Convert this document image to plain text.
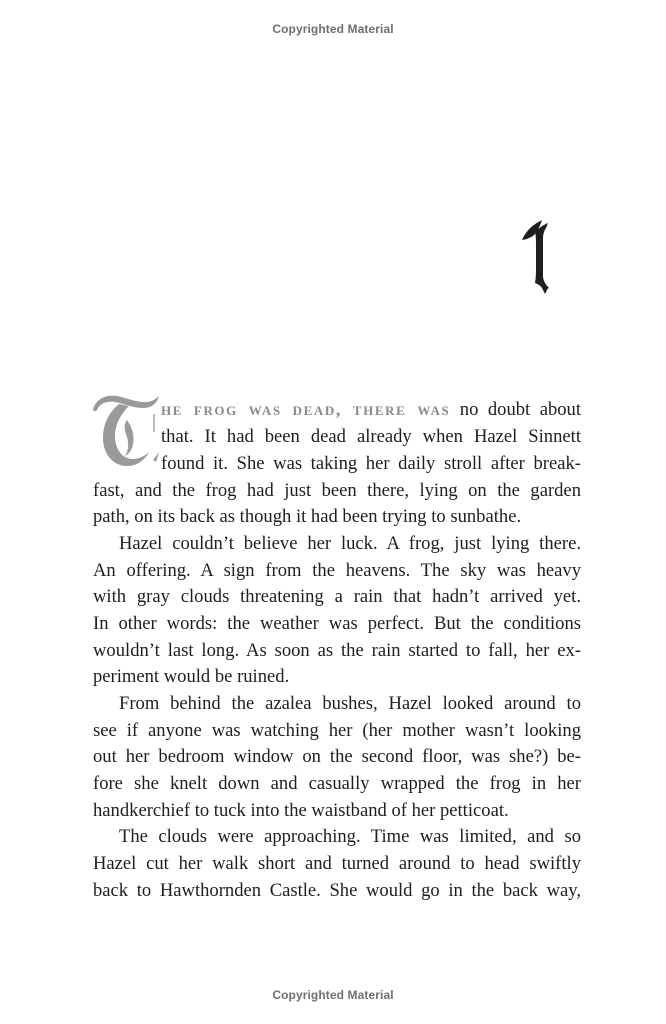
Copyrighted Material
he frog was dead, there was no doubt about
that. It had been dead already when Hazel Sinnett
found it. She was taking her daily stroll after break-
fast, and the frog had just been there, lying on the garden
path, on its back as though it had been trying to sunbathe.
Hazel couldn’t believe her luck. A frog, just lying there.
An offering. A sign from the heavens. The sky was heavy
with gray clouds threatening a rain that hadn’t arrived yet.
In other words: the weather was perfect. But the conditions
wouldn’t last long. As soon as the rain started to fall, her ex-
periment would be ruined.
From behind the azalea bushes, Hazel looked around to
see if anyone was watching her (her mother wasn’t looking
out her bedroom window on the second floor, was she?) be-
fore she knelt down and casually wrapped the frog in her
handkerchief to tuck into the waistband of her petticoat.
The clouds were approaching. Time was limited, and so
Hazel cut her walk short and turned around to head swiftly
back to Hawthornden Castle. She would go in the back way,
Copyrighted Material
